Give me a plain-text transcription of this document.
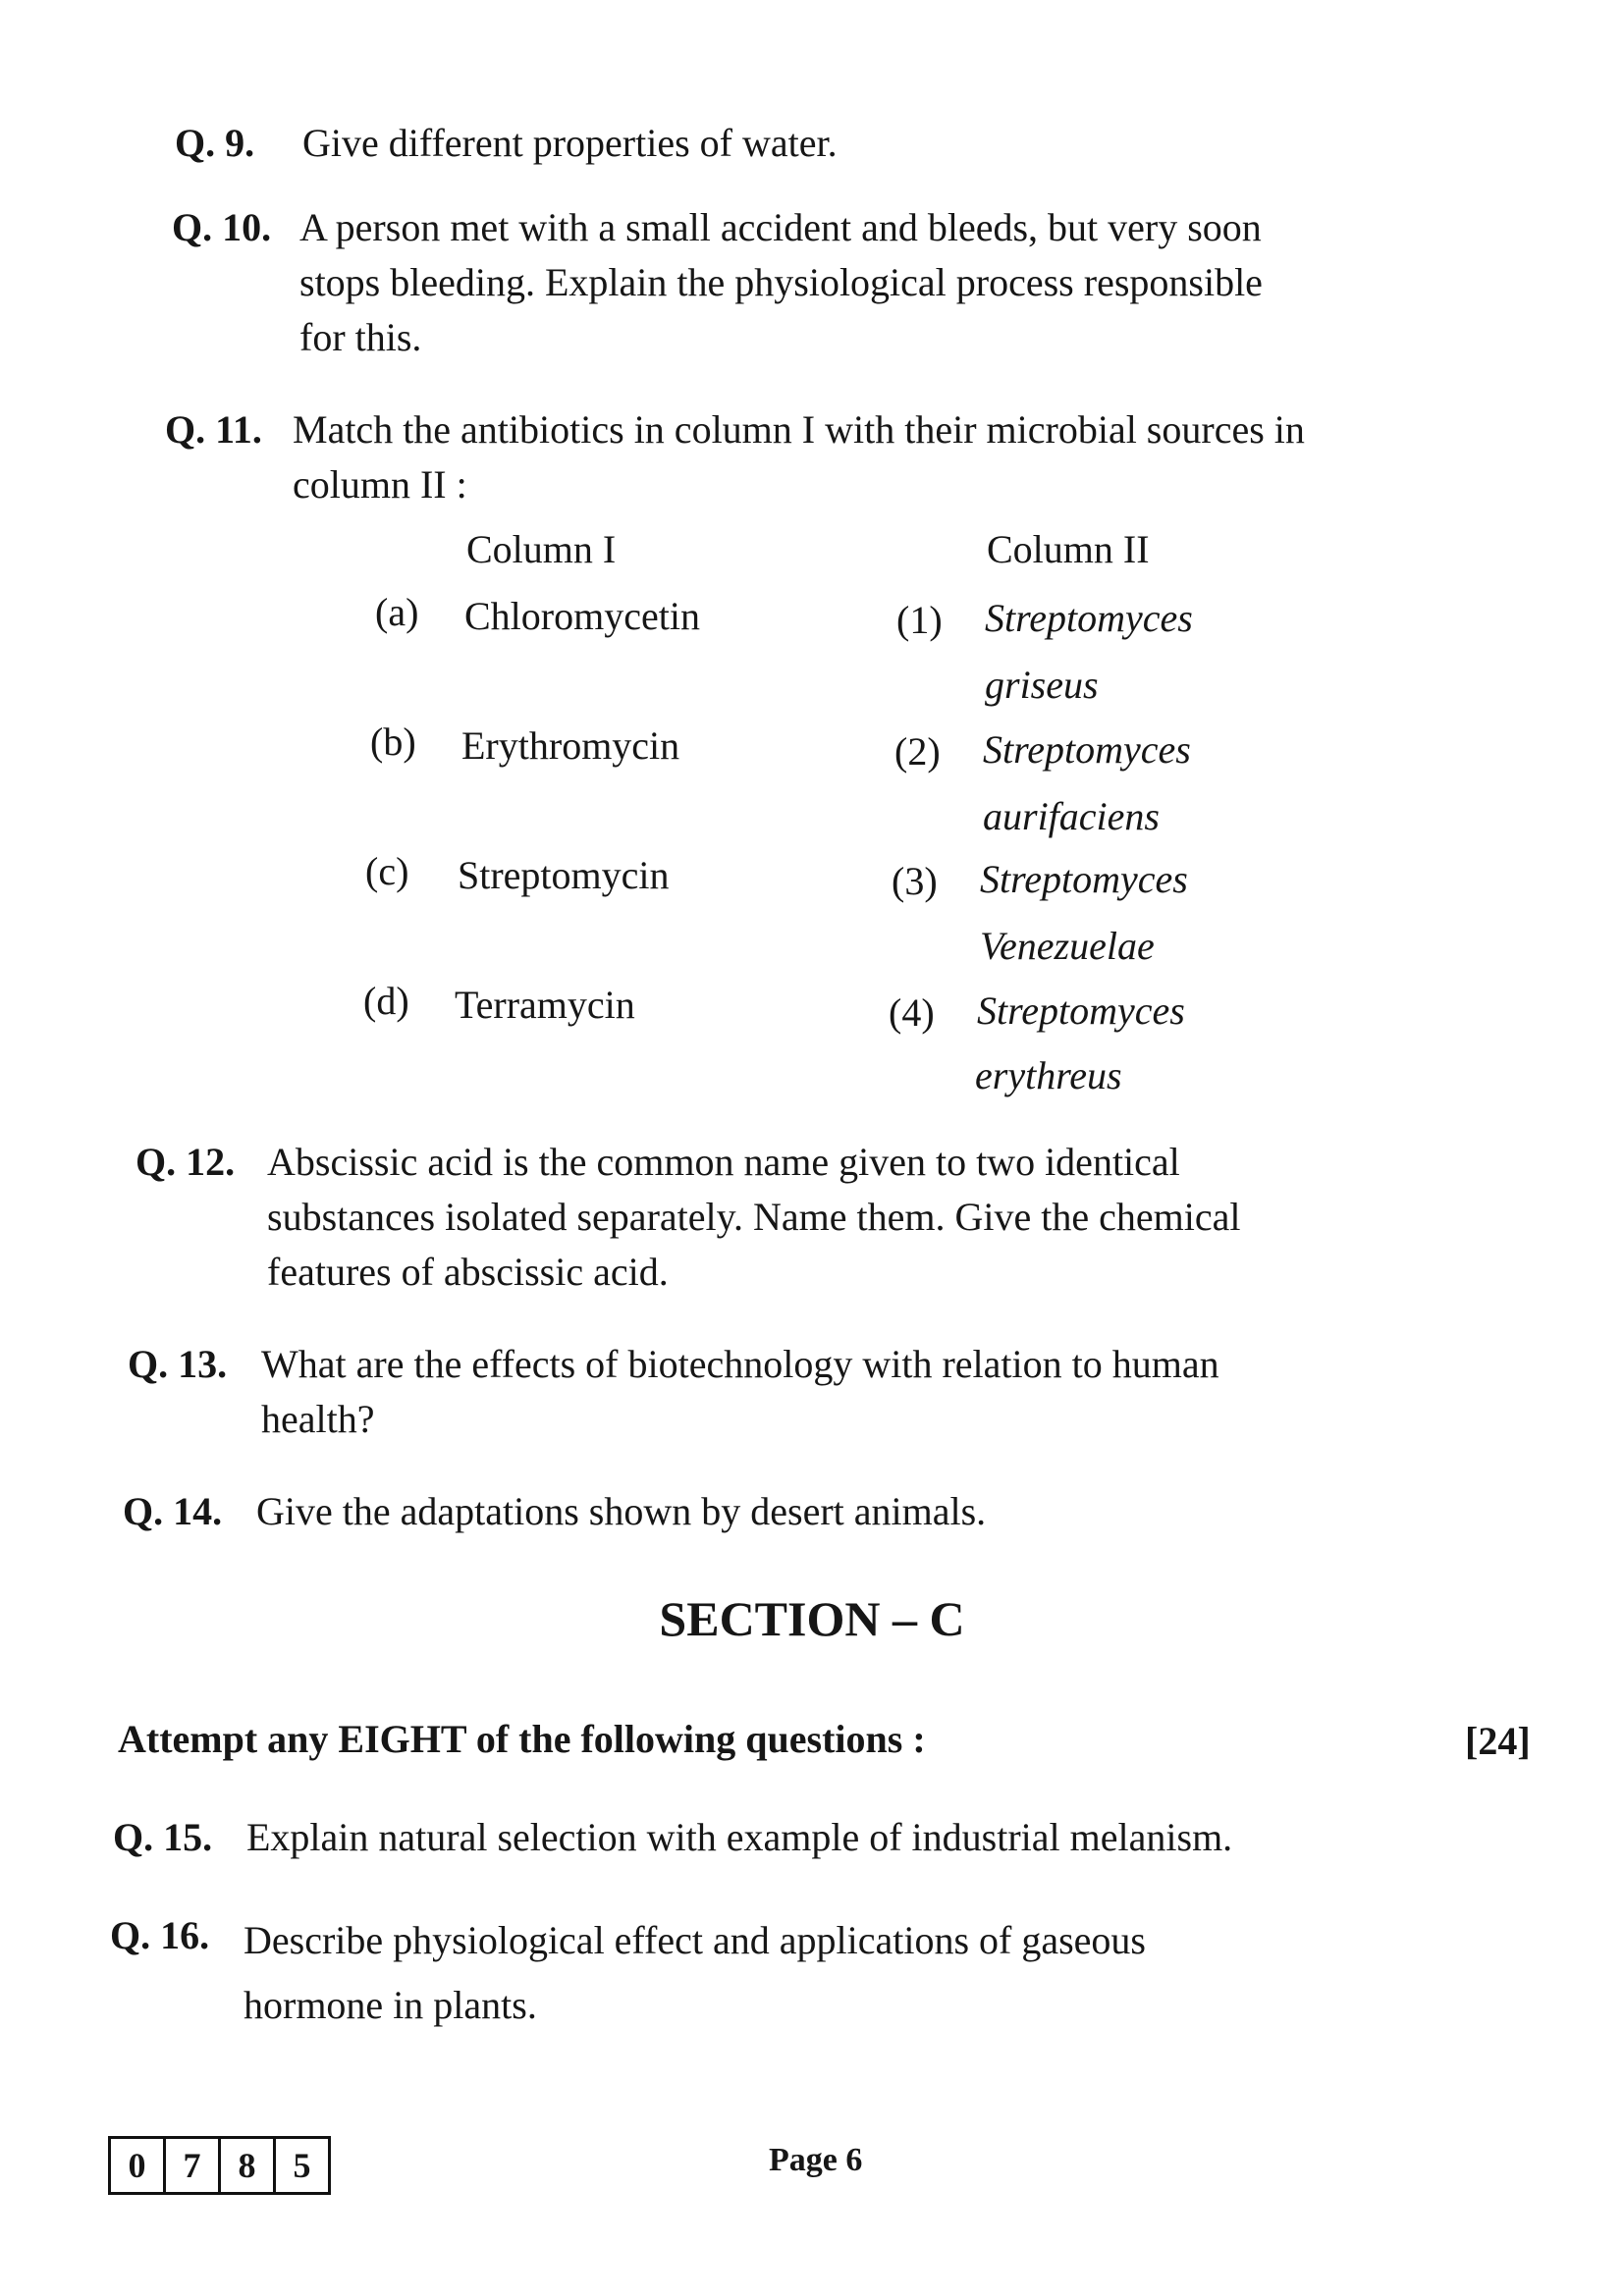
Q. 9. Give different properties of water.
Q. 10. A person met with a small accident and bleeds, but very soon
stops bleeding. Explain the physiological process responsible
for this.
Q. 11. Match the antibiotics in column I with their microbial sources in
column II :
Column I	Column II
(a) Chloromycetin	(1) Streptomyces
griseus
(b) Erythromycin	(2) Streptomyces
aurifaciens
(c) Streptomycin	(3) Streptomyces
Venezuelae
(d) Terramycin	(4) Streptomyces
erythreus
Q. 12. Abscissic acid is the common name given to two identical
substances isolated separately. Name them. Give the chemical
features of abscissic acid.
Q. 13. What are the effects of biotechnology with relation to human
health?
Q. 14. Give the adaptations shown by desert animals.
SECTION – C
Attempt any EIGHT of the following questions :	[24]
Q. 15. Explain natural selection with example of industrial melanism.
Q. 16. Describe physiological effect and applications of gaseous
hormone in plants.
0	7	8	5	Page 6
